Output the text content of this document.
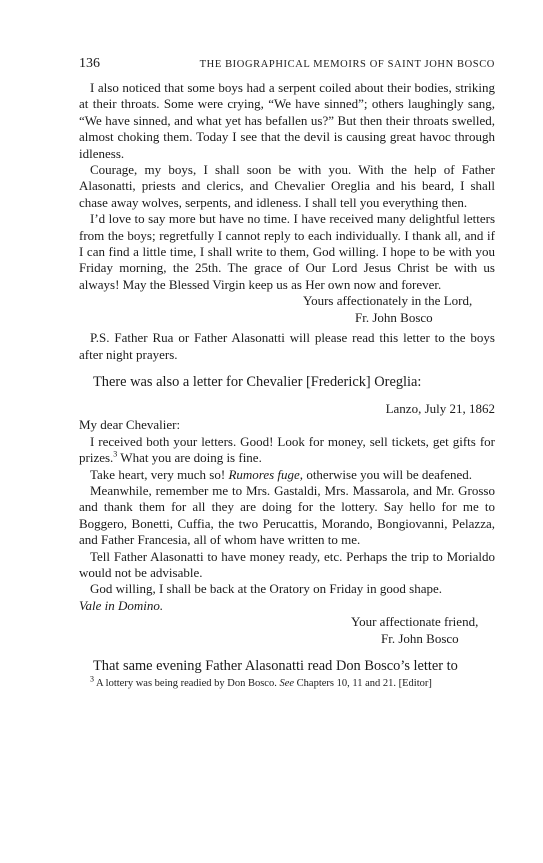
136	THE BIOGRAPHICAL MEMOIRS OF SAINT JOHN BOSCO

I also noticed that some boys had a serpent coiled about their bodies, striking at their throats. Some were crying, “We have sinned”; others laughingly sang, “We have sinned, and what yet has befallen us?” But then their throats swelled, almost choking them. Today I see that the devil is causing great havoc through idleness.

Courage, my boys, I shall soon be with you. With the help of Father Alasonatti, priests and clerics, and Chevalier Oreglia and his beard, I shall chase away wolves, serpents, and idleness. I shall tell you everything then.

I’d love to say more but have no time. I have received many delightful letters from the boys; regretfully I cannot reply to each individually. I thank all, and if I can find a little time, I shall write to them, God willing. I hope to be with you Friday morning, the 25th. The grace of Our Lord Jesus Christ be with us always! May the Blessed Virgin keep us as Her own now and forever.

Yours affectionately in the Lord,

Fr. John Bosco

P.S. Father Rua or Father Alasonatti will please read this letter to the boys after night prayers.

There was also a letter for Chevalier [Frederick] Oreglia:

Lanzo, July 21, 1862

My dear Chevalier:

I received both your letters. Good! Look for money, sell tickets, get gifts for prizes.$^3$ What you are doing is fine.

Take heart, very much so! Rumores fuge, otherwise you will be deafened.

Meanwhile, remember me to Mrs. Gastaldi, Mrs. Massarola, and Mr. Grosso and thank them for all they are doing for the lottery. Say hello for me to Boggero, Bonetti, Cuffia, the two Perucattis, Morando, Bongiovanni, Pelazza, and Father Francesia, all of whom have written to me.

Tell Father Alasonatti to have money ready, etc. Perhaps the trip to Morialdo would not be advisable.

God willing, I shall be back at the Oratory on Friday in good shape.

Vale in Domino.

Your affectionate friend,

Fr. John Bosco

That same evening Father Alasonatti read Don Bosco’s letter to

$^3$ A lottery was being readied by Don Bosco. See Chapters 10, 11 and 21. [Editor]
